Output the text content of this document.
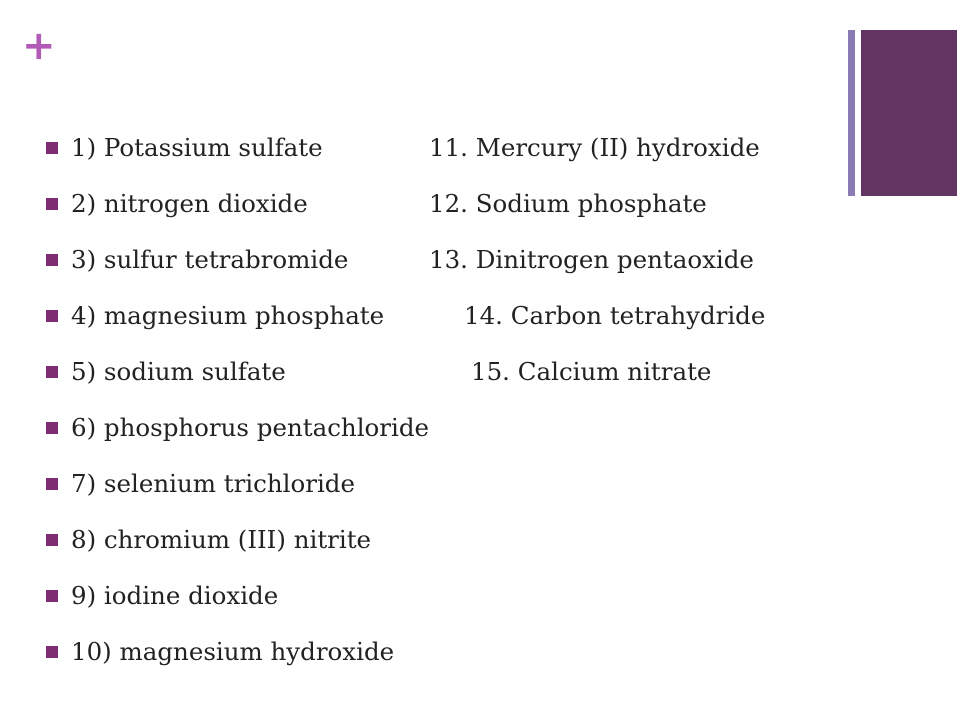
+
1) Potassium sulfate	11. Mercury (II) hydroxide
2) nitrogen dioxide	12. Sodium phosphate
3) sulfur tetrabromide	13. Dinitrogen pentaoxide
4) magnesium phosphate	14. Carbon tetrahydride
5) sodium sulfate	15. Calcium nitrate
6) phosphorus pentachloride
7) selenium trichloride
8) chromium (III) nitrite
9) iodine dioxide
10) magnesium hydroxide
